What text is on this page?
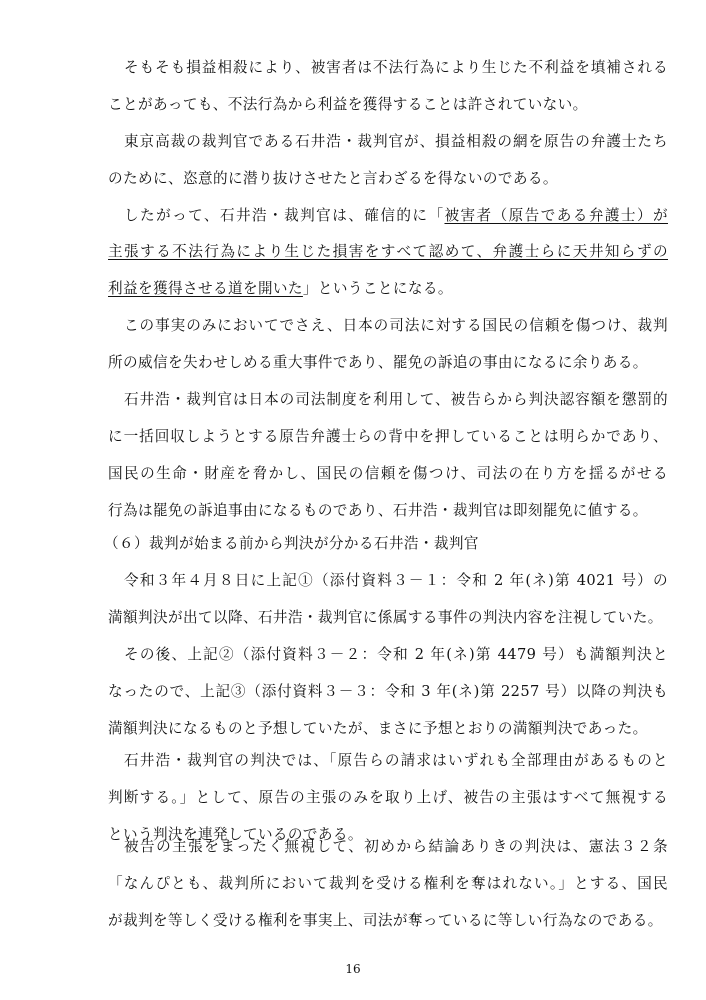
そもそも損益相殺により、被害者は不法行為により生じた不利益を填補される
ことがあっても、不法行為から利益を獲得することは許されていない。
東京高裁の裁判官である石井浩・裁判官が、損益相殺の網を原告の弁護士たち
のために、恣意的に潜り抜けさせたと言わざるを得ないのである。
したがって、石井浩・裁判官は、確信的に「被害者（原告である弁護士）が
主張する不法行為により生じた損害をすべて認めて、弁護士らに天井知らずの
利益を獲得させる道を開いた」ということになる。
この事実のみにおいてでさえ、日本の司法に対する国民の信頼を傷つけ、裁判
所の威信を失わせしめる重大事件であり、罷免の訴追の事由になるに余りある。
石井浩・裁判官は日本の司法制度を利用して、被告らから判決認容額を懲罰的
に一括回収しようとする原告弁護士らの背中を押していることは明らかであり、
国民の生命・財産を脅かし、国民の信頼を傷つけ、司法の在り方を揺るがせる
行為は罷免の訴追事由になるものであり、石井浩・裁判官は即刻罷免に値する。
（６）裁判が始まる前から判決が分かる石井浩・裁判官
令和３年４月８日に上記①（添付資料３－１：令和 2 年(ネ)第 4021 号）の
満額判決が出て以降、石井浩・裁判官に係属する事件の判決内容を注視していた。
その後、上記②（添付資料３－２：令和 2 年(ネ)第 4479 号）も満額判決と
なったので、上記③（添付資料３－３：令和 3 年(ネ)第 2257 号）以降の判決も
満額判決になるものと予想していたが、まさに予想とおりの満額判決であった。
石井浩・裁判官の判決では、「原告らの請求はいずれも全部理由があるものと
判断する。」として、原告の主張のみを取り上げ、被告の主張はすべて無視する
という判決を連発しているのである。
被告の主張をまったく無視して、初めから結論ありきの判決は、憲法３２条
16
「なんぴとも、裁判所において裁判を受ける権利を奪はれない。」とする、国民
が裁判を等しく受ける権利を事実上、司法が奪っているに等しい行為なのである。
